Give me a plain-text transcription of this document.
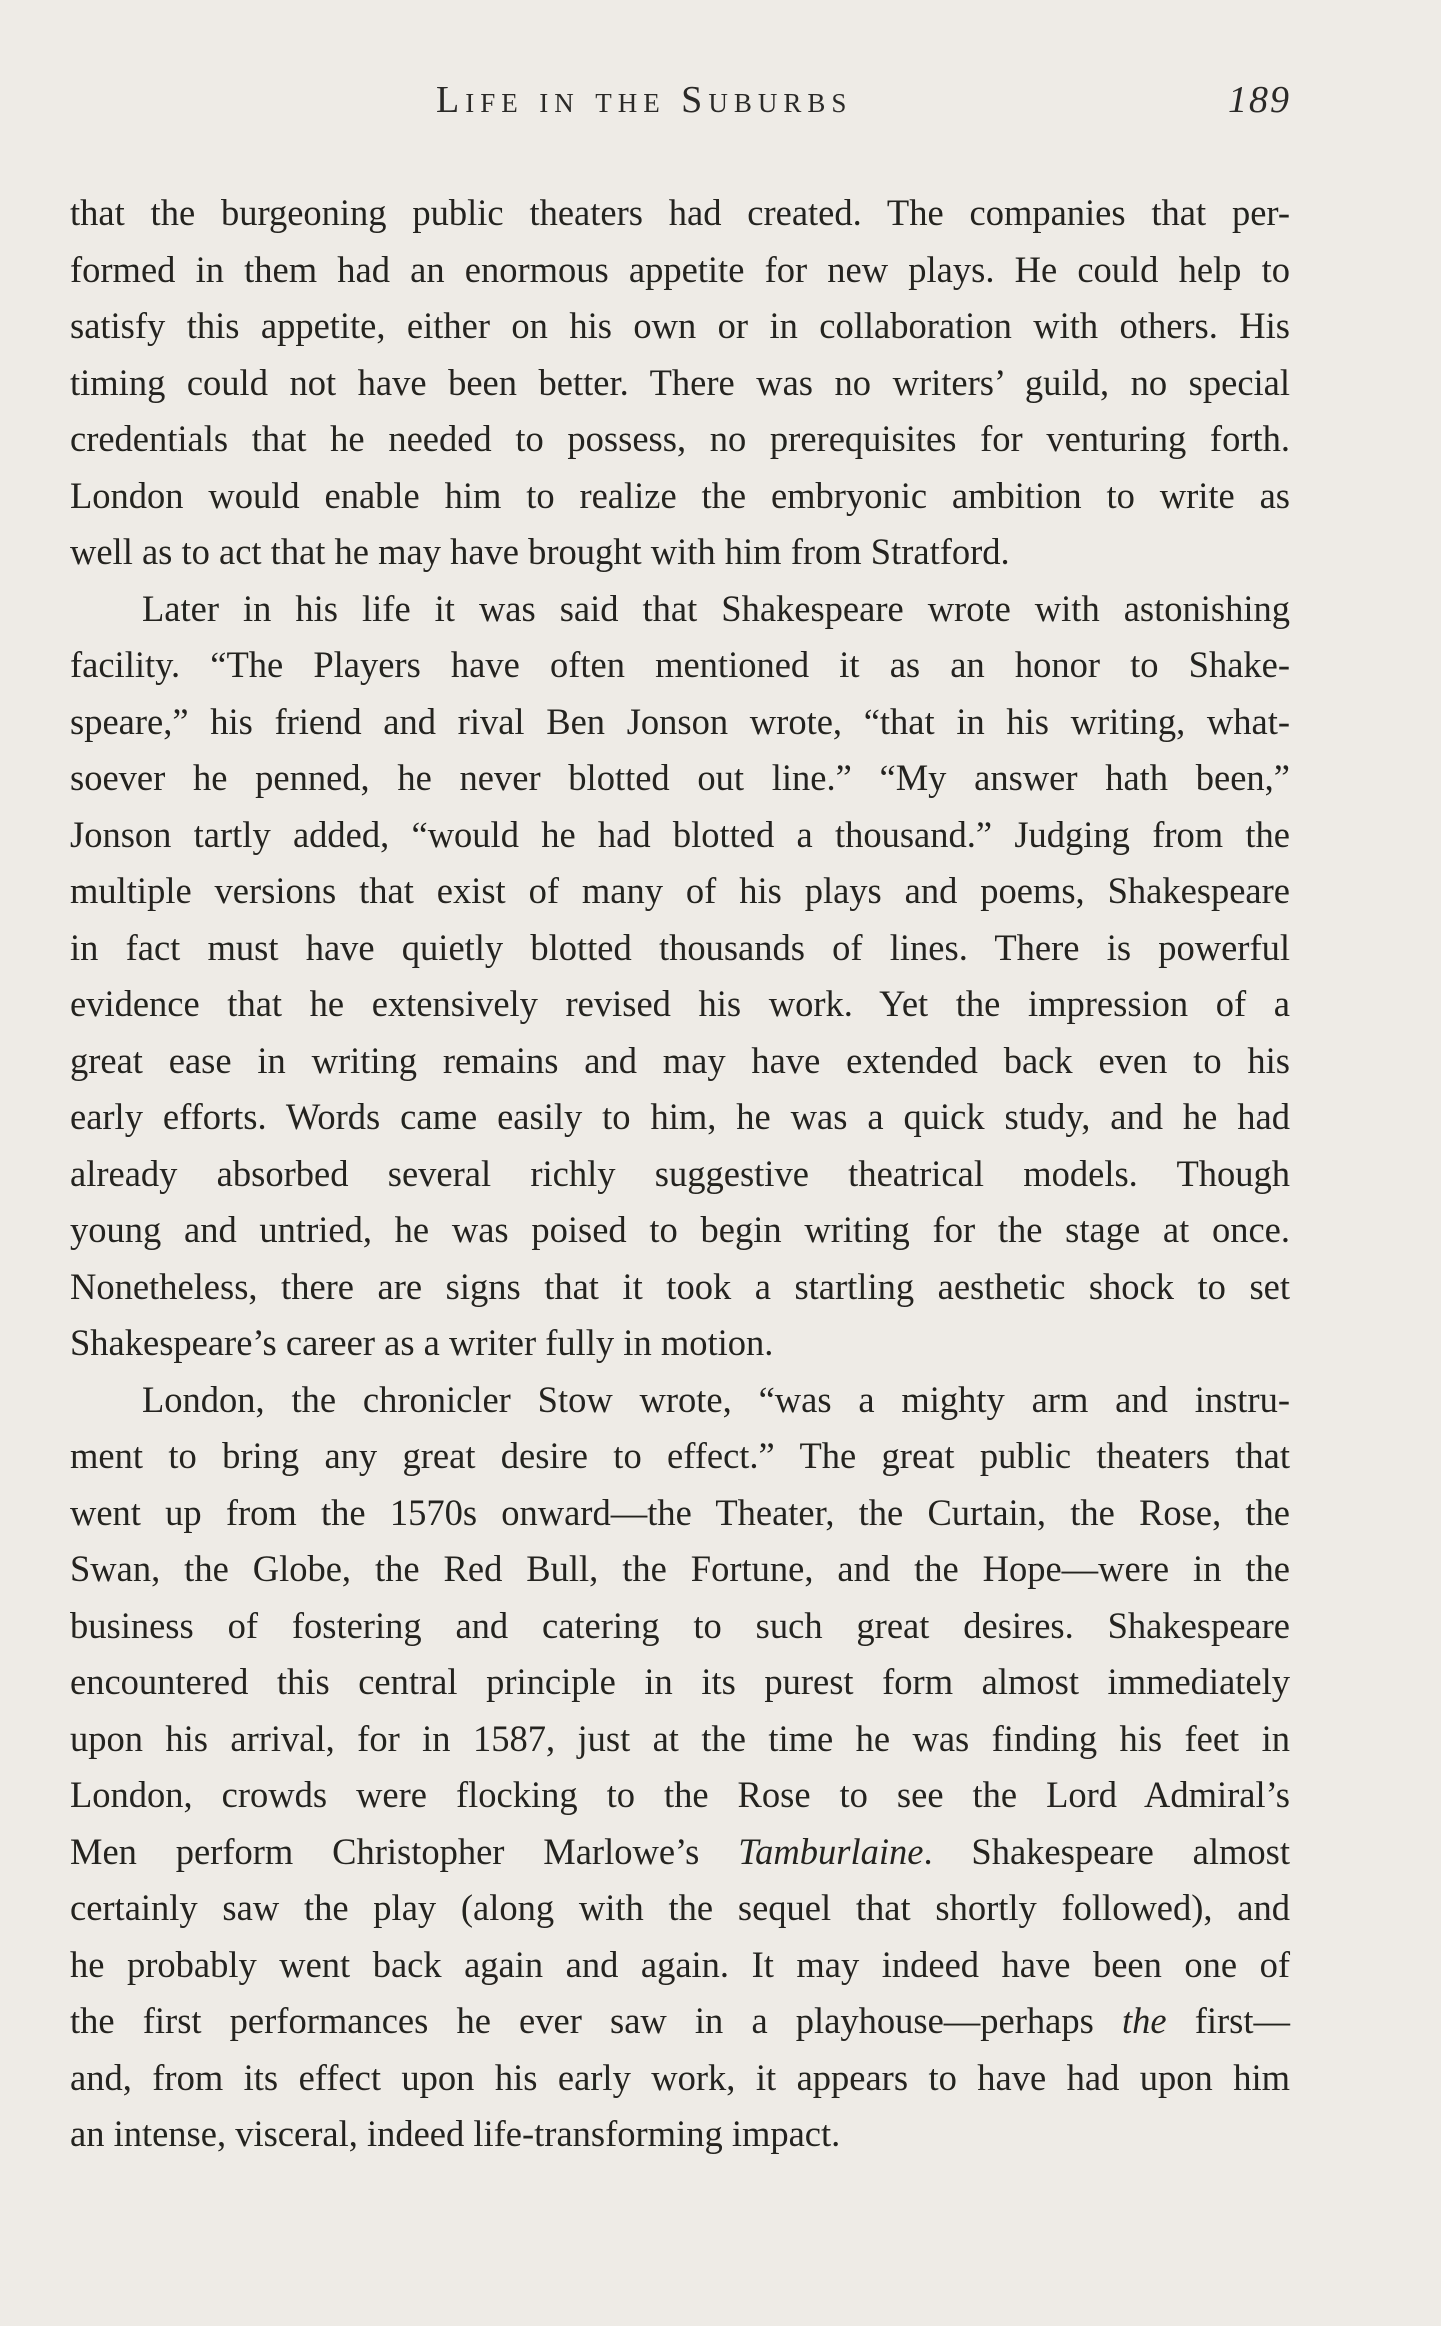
Life in the Suburbs	189
that the burgeoning public theaters had created. The companies that per-
formed in them had an enormous appetite for new plays. He could help to
satisfy this appetite, either on his own or in collaboration with others. His
timing could not have been better. There was no writers’ guild, no special
credentials that he needed to possess, no prerequisites for venturing forth.
London would enable him to realize the embryonic ambition to write as
well as to act that he may have brought with him from Stratford.
Later in his life it was said that Shakespeare wrote with astonishing
facility. “The Players have often mentioned it as an honor to Shake-
speare,” his friend and rival Ben Jonson wrote, “that in his writing, what-
soever he penned, he never blotted out line.” “My answer hath been,”
Jonson tartly added, “would he had blotted a thousand.” Judging from the
multiple versions that exist of many of his plays and poems, Shakespeare
in fact must have quietly blotted thousands of lines. There is powerful
evidence that he extensively revised his work. Yet the impression of a
great ease in writing remains and may have extended back even to his
early efforts. Words came easily to him, he was a quick study, and he had
already absorbed several richly suggestive theatrical models. Though
young and untried, he was poised to begin writing for the stage at once.
Nonetheless, there are signs that it took a startling aesthetic shock to set
Shakespeare’s career as a writer fully in motion.
London, the chronicler Stow wrote, “was a mighty arm and instru-
ment to bring any great desire to effect.” The great public theaters that
went up from the 1570s onward—the Theater, the Curtain, the Rose, the
Swan, the Globe, the Red Bull, the Fortune, and the Hope—were in the
business of fostering and catering to such great desires. Shakespeare
encountered this central principle in its purest form almost immediately
upon his arrival, for in 1587, just at the time he was finding his feet in
London, crowds were flocking to the Rose to see the Lord Admiral’s
Men perform Christopher Marlowe’s Tamburlaine. Shakespeare almost
certainly saw the play (along with the sequel that shortly followed), and
he probably went back again and again. It may indeed have been one of
the first performances he ever saw in a playhouse—perhaps the first—
and, from its effect upon his early work, it appears to have had upon him
an intense, visceral, indeed life-transforming impact.
